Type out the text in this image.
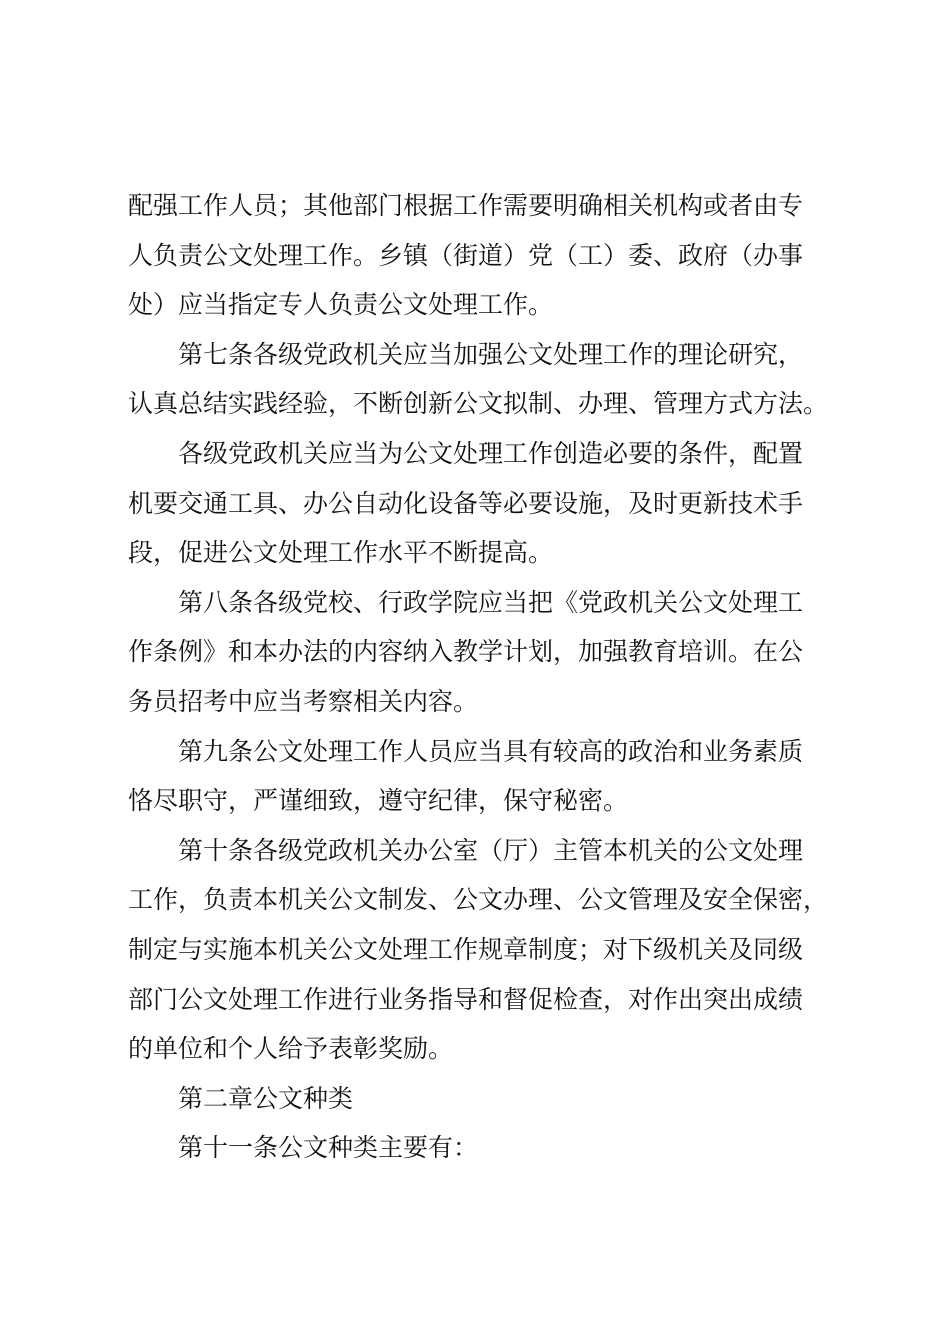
配强工作人员；其他部门根据工作需要明确相关机构或者由专
人负责公文处理工作。乡镇（街道）党（工）委、政府（办事
处）应当指定专人负责公文处理工作。
第七条各级党政机关应当加强公文处理工作的理论研究，
认真总结实践经验，不断创新公文拟制、办理、管理方式方法。
各级党政机关应当为公文处理工作创造必要的条件，配置
机要交通工具、办公自动化设备等必要设施，及时更新技术手
段，促进公文处理工作水平不断提高。
第八条各级党校、行政学院应当把《党政机关公文处理工
作条例》和本办法的内容纳入教学计划，加强教育培训。在公
务员招考中应当考察相关内容。
第九条公文处理工作人员应当具有较高的政治和业务素质
恪尽职守，严谨细致，遵守纪律，保守秘密。
第十条各级党政机关办公室（厅）主管本机关的公文处理
工作，负责本机关公文制发、公文办理、公文管理及安全保密，
制定与实施本机关公文处理工作规章制度；对下级机关及同级
部门公文处理工作进行业务指导和督促检查，对作出突出成绩
的单位和个人给予表彰奖励。
第二章公文种类
第十一条公文种类主要有：
